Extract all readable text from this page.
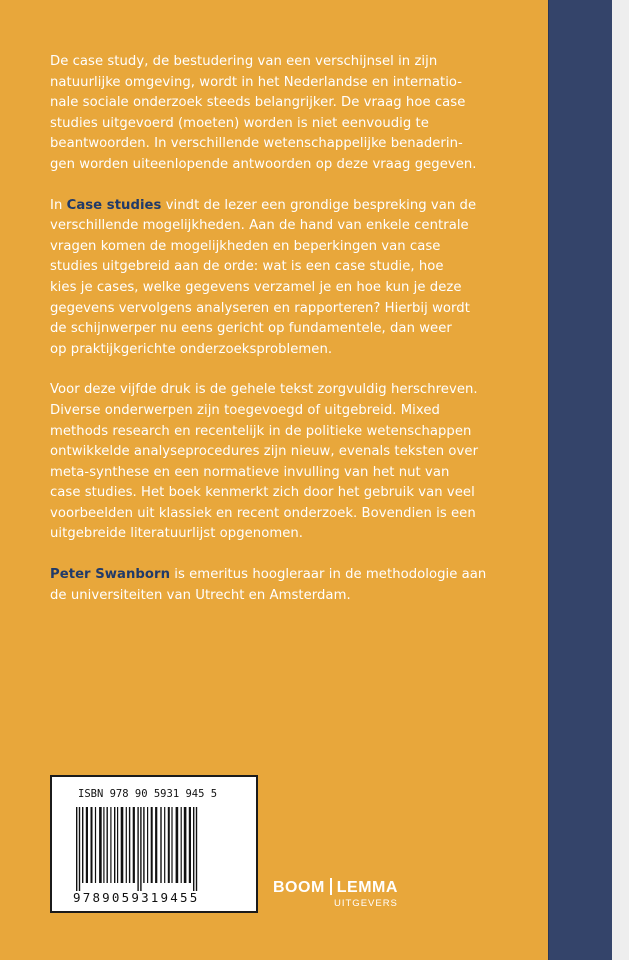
De case study, de bestudering van een verschijnsel in zijn
natuurlijke omgeving, wordt in het Nederlandse en internatio-
nale sociale onderzoek steeds belangrijker. De vraag hoe case
studies uitgevoerd (moeten) worden is niet eenvoudig te
beantwoorden. In verschillende wetenschappelijke benaderin-
gen worden uiteenlopende antwoorden op deze vraag gegeven.

In Case studies vindt de lezer een grondige bespreking van de
verschillende mogelijkheden. Aan de hand van enkele centrale
vragen komen de mogelijkheden en beperkingen van case
studies uitgebreid aan de orde: wat is een case studie, hoe
kies je cases, welke gegevens verzamel je en hoe kun je deze
gegevens vervolgens analyseren en rapporteren? Hierbij wordt
de schijnwerper nu eens gericht op fundamentele, dan weer
op praktijkgerichte onderzoeksproblemen.

Voor deze vijfde druk is de gehele tekst zorgvuldig herschreven.
Diverse onderwerpen zijn toegevoegd of uitgebreid. Mixed
methods research en recentelijk in de politieke wetenschappen
ontwikkelde analyseprocedures zijn nieuw, evenals teksten over
meta-synthese en een normatieve invulling van het nut van
case studies. Het boek kenmerkt zich door het gebruik van veel
voorbeelden uit klassiek en recent onderzoek. Bovendien is een
uitgebreide literatuurlijst opgenomen.

Peter Swanborn is emeritus hoogleraar in de methodologie aan
de universiteiten van Utrecht en Amsterdam.

ISBN 978 90 5931 945 5
9789059319455
BOOM LEMMA
UITGEVERS
